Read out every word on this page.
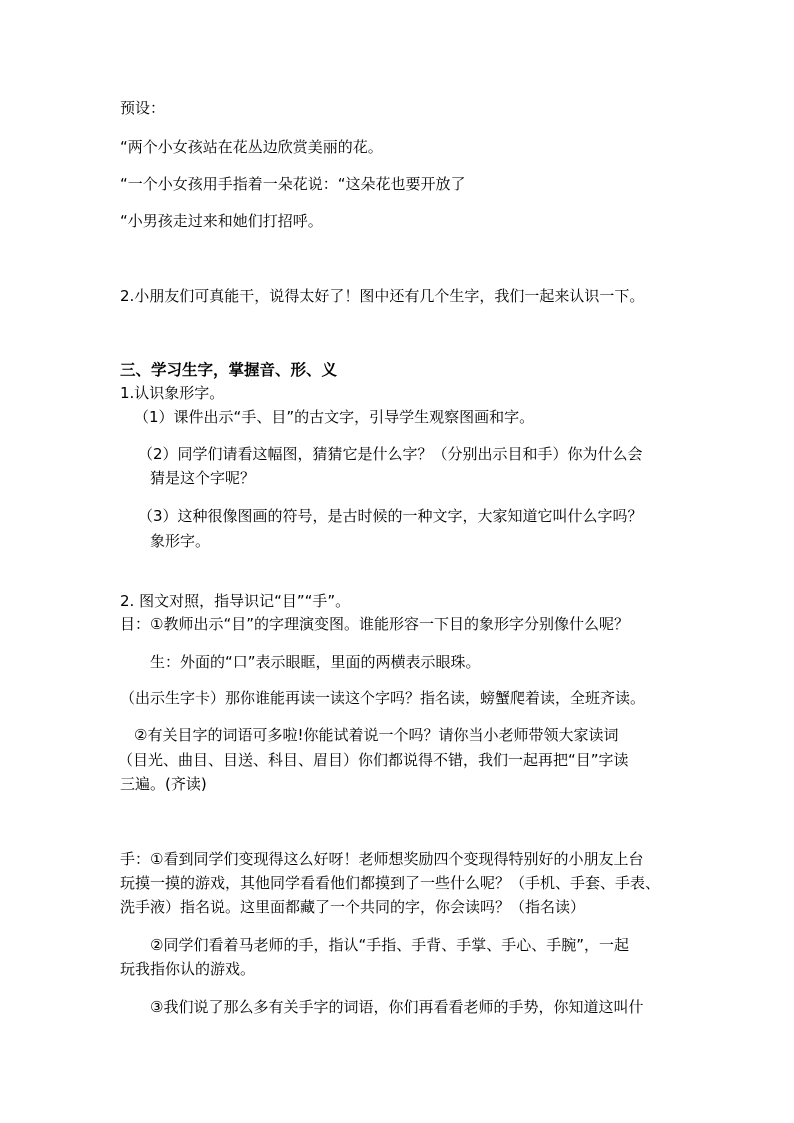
预设：
“两个小女孩站在花丛边欣赏美丽的花。
“一个小女孩用手指着一朵花说：“这朵花也要开放了
“小男孩走过来和她们打招呼。
2.小朋友们可真能干，说得太好了！图中还有几个生字，我们一起来认识一下。
三、学习生字，掌握音、形、义
1.认识象形字。
（1）课件出示“手、目”的古文字，引导学生观察图画和字。
（2）同学们请看这幅图，猜猜它是什么字？（分别出示目和手）你为什么会
猜是这个字呢？
（3）这种很像图画的符号，是古时候的一种文字，大家知道它叫什么字吗？
象形字。
2. 图文对照，指导识记“目”“手”。
目：①教师出示“目”的字理演变图。谁能形容一下目的象形字分别像什么呢？
生：外面的“口”表示眼眶，里面的两横表示眼珠。
（出示生字卡）那你谁能再读一读这个字吗？指名读，螃蟹爬着读，全班齐读。
②有关目字的词语可多啦!你能试着说一个吗？请你当小老师带领大家读词
（目光、曲目、目送、科目、眉目）你们都说得不错，我们一起再把“目”字读
三遍。(齐读)
手：①看到同学们变现得这么好呀！老师想奖励四个变现得特别好的小朋友上台
玩摸一摸的游戏，其他同学看看他们都摸到了一些什么呢？（手机、手套、手表、
洗手液）指名说。这里面都藏了一个共同的字，你会读吗？（指名读）
②同学们看着马老师的手，指认“手指、手背、手掌、手心、手腕”，一起
玩我指你认的游戏。
③我们说了那么多有关手字的词语，你们再看看老师的手势，你知道这叫什
